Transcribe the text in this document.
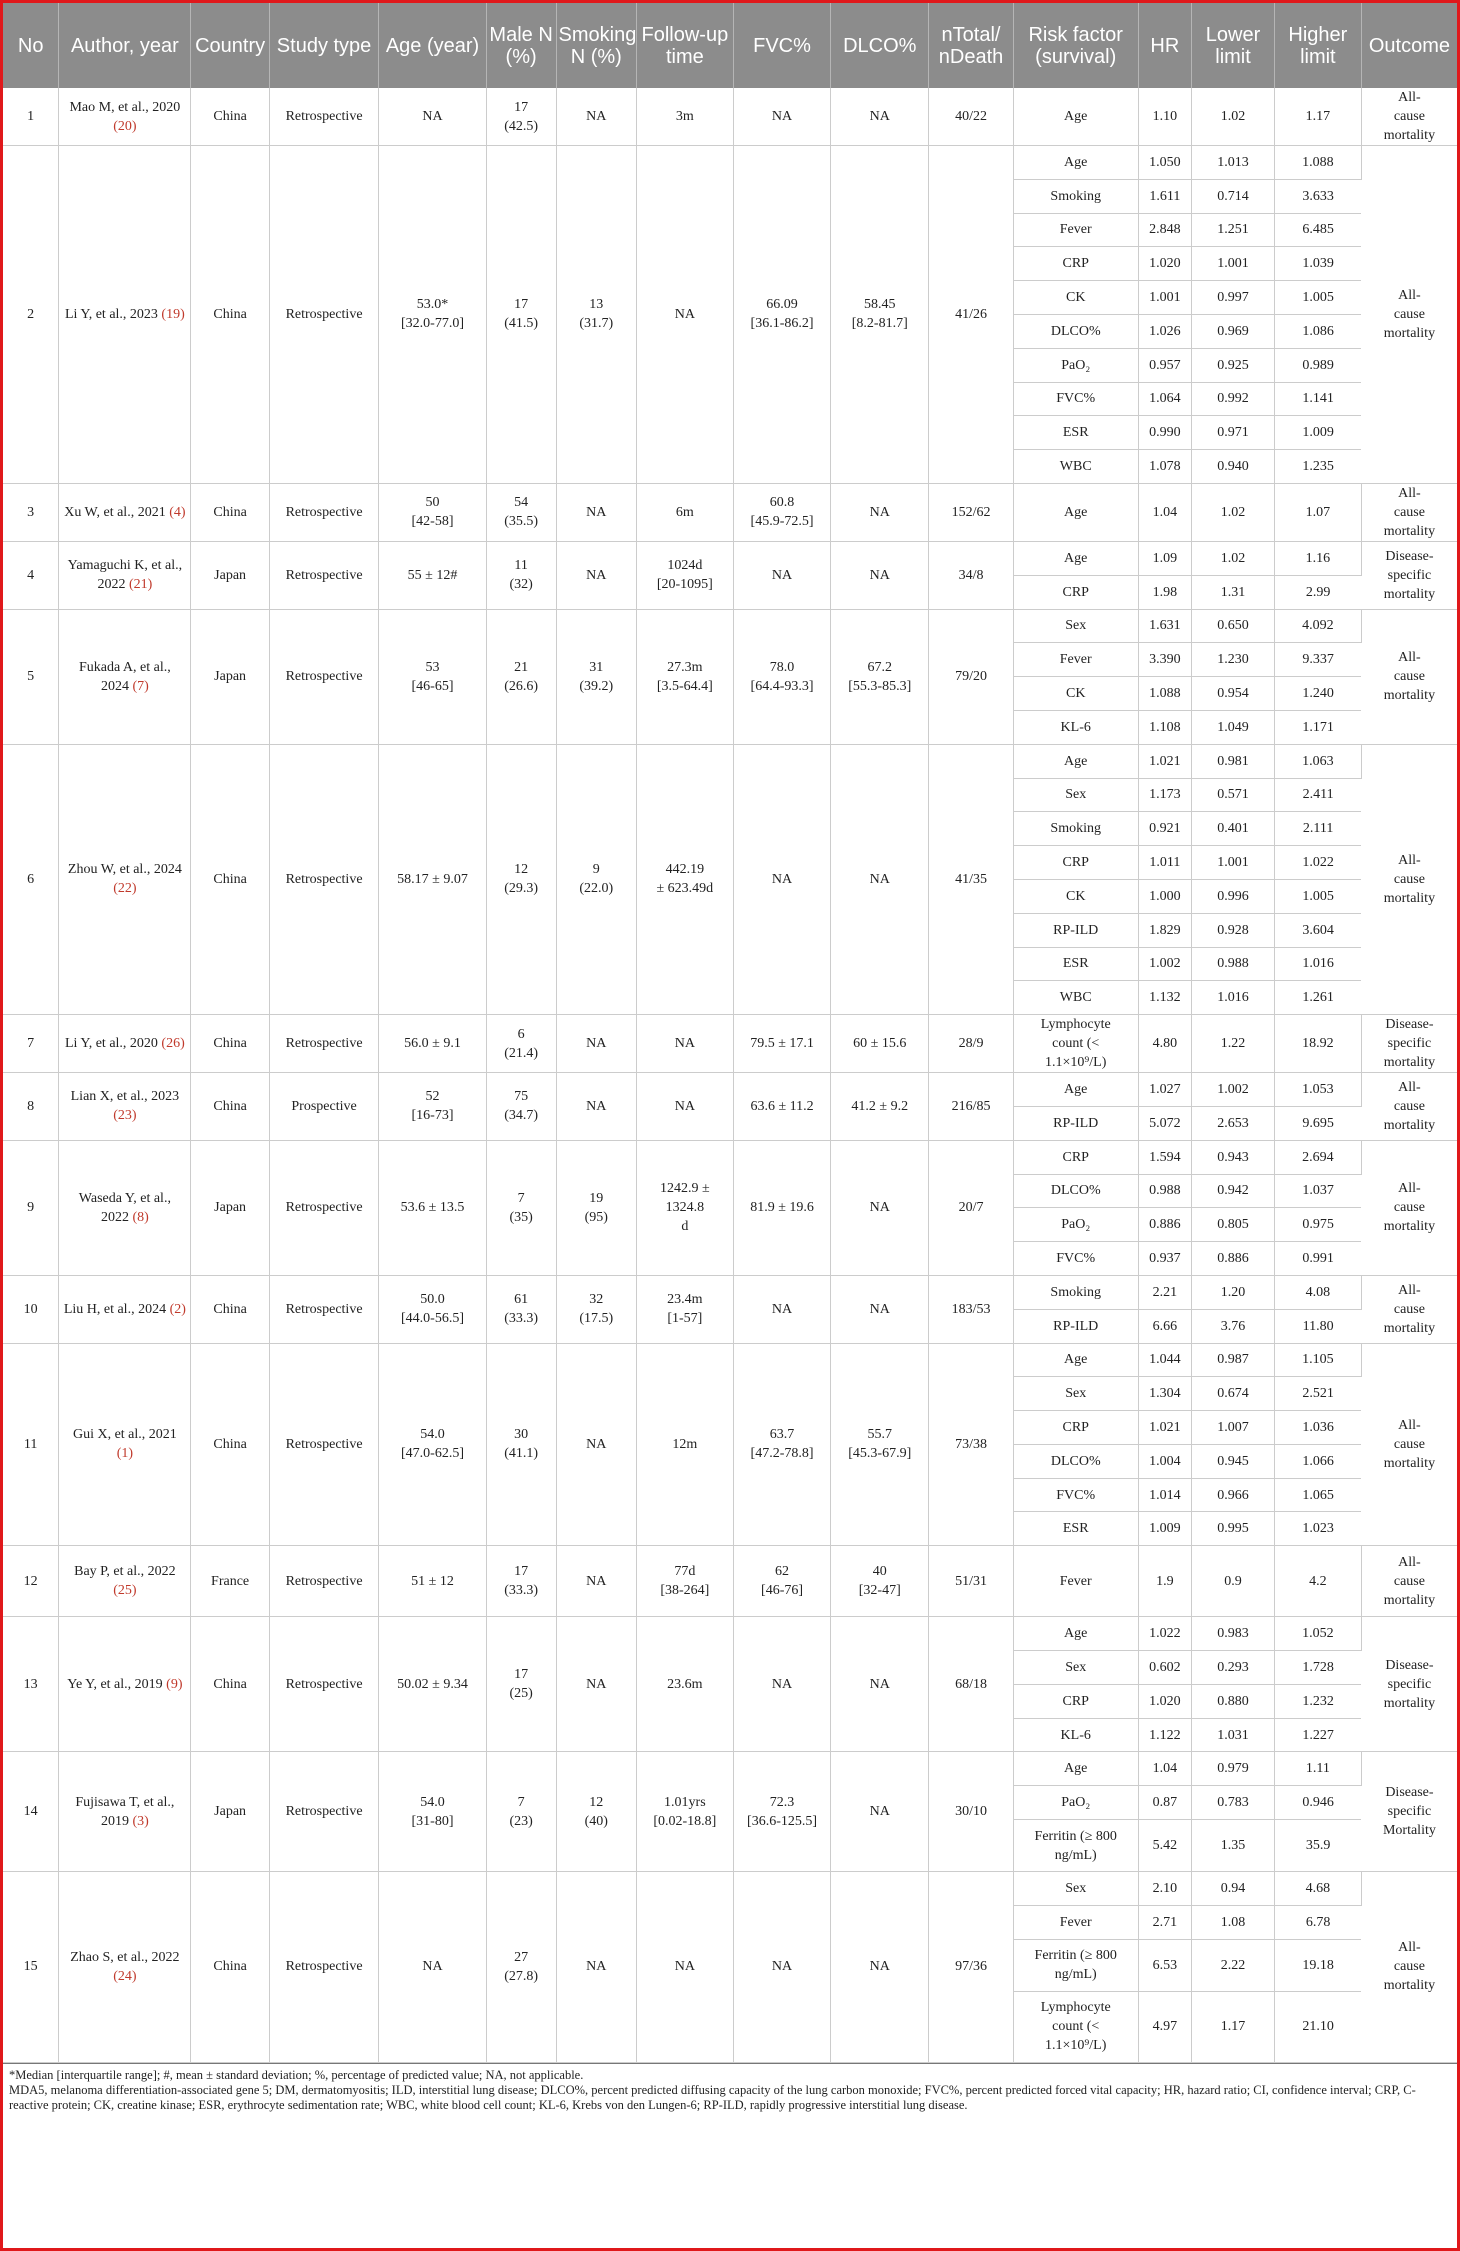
No	Author, year	Country	Study type	Age (year)	Male N (%)	Smoking N (%)	Follow-up time	FVC%	DLCO%	nTotal/ nDeath	Risk factor (survival)	HR	Lower limit	Higher limit	Outcome
1	Mao M, et al., 2020 (20)	China	Retrospective	NA	17
(42.5)	NA	3m	NA	NA	40/22	Age	1.10	1.02	1.17	All-
cause
mortality
2	Li Y, et al., 2023 (19)	China	Retrospective	53.0*
[32.0-77.0]	17
(41.5)	13
(31.7)	NA	66.09
[36.1-86.2]	58.45
[8.2-81.7]	41/26	Age	1.050	1.013	1.088	All-
cause
mortality
											Smoking	1.611	0.714	3.633	
											Fever	2.848	1.251	6.485	
											CRP	1.020	1.001	1.039	
											CK	1.001	0.997	1.005	
											DLCO%	1.026	0.969	1.086	
											PaO₂	0.957	0.925	0.989	
											FVC%	1.064	0.992	1.141	
											ESR	0.990	0.971	1.009	
											WBC	1.078	0.940	1.235	
3	Xu W, et al., 2021 (4)	China	Retrospective	50
[42-58]	54
(35.5)	NA	6m	60.8
[45.9-72.5]	NA	152/62	Age	1.04	1.02	1.07	All-
cause
mortality
4	Yamaguchi K, et al., 2022 (21)	Japan	Retrospective	55 ± 12#	11
(32)	NA	1024d
[20-1095]	NA	NA	34/8	Age	1.09	1.02	1.16	Disease-
specific
mortality
											CRP	1.98	1.31	2.99	
5	Fukada A, et al., 2024 (7)	Japan	Retrospective	53
[46-65]	21
(26.6)	31
(39.2)	27.3m
[3.5-64.4]	78.0
[64.4-93.3]	67.2
[55.3-85.3]	79/20	Sex	1.631	0.650	4.092	All-
cause
mortality
											Fever	3.390	1.230	9.337	
											CK	1.088	0.954	1.240	
											KL-6	1.108	1.049	1.171	
6	Zhou W, et al., 2024 (22)	China	Retrospective	58.17 ± 9.07	12
(29.3)	9
(22.0)	442.19
± 623.49d	NA	NA	41/35	Age	1.021	0.981	1.063	All-
cause
mortality
											Sex	1.173	0.571	2.411	
											Smoking	0.921	0.401	2.111	
											CRP	1.011	1.001	1.022	
											CK	1.000	0.996	1.005	
											RP-ILD	1.829	0.928	3.604	
											ESR	1.002	0.988	1.016	
											WBC	1.132	1.016	1.261	
7	Li Y, et al., 2020 (26)	China	Retrospective	56.0 ± 9.1	6
(21.4)	NA	NA	79.5 ± 17.1	60 ± 15.6	28/9	Lymphocyte
count (<
1.1×10⁹/L)	4.80	1.22	18.92	Disease-
specific
mortality
8	Lian X, et al., 2023 (23)	China	Prospective	52
[16-73]	75
(34.7)	NA	NA	63.6 ± 11.2	41.2 ± 9.2	216/85	Age	1.027	1.002	1.053	All-
cause
mortality
											RP-ILD	5.072	2.653	9.695	
9	Waseda Y, et al., 2022 (8)	Japan	Retrospective	53.6 ± 13.5	7
(35)	19
(95)	1242.9 ±
1324.8
d	81.9 ± 19.6	NA	20/7	CRP	1.594	0.943	2.694	All-
cause
mortality
											DLCO%	0.988	0.942	1.037	
											PaO₂	0.886	0.805	0.975	
											FVC%	0.937	0.886	0.991	
10	Liu H, et al., 2024 (2)	China	Retrospective	50.0
[44.0-56.5]	61
(33.3)	32
(17.5)	23.4m
[1-57]	NA	NA	183/53	Smoking	2.21	1.20	4.08	All-
cause
mortality
											RP-ILD	6.66	3.76	11.80	
11	Gui X, et al., 2021 (1)	China	Retrospective	54.0
[47.0-62.5]	30
(41.1)	NA	12m	63.7
[47.2-78.8]	55.7
[45.3-67.9]	73/38	Age	1.044	0.987	1.105	All-
cause
mortality
											Sex	1.304	0.674	2.521	
											CRP	1.021	1.007	1.036	
											DLCO%	1.004	0.945	1.066	
											FVC%	1.014	0.966	1.065	
											ESR	1.009	0.995	1.023	
12	Bay P, et al., 2022 (25)	France	Retrospective	51 ± 12	17
(33.3)	NA	77d
[38-264]	62
[46-76]	40
[32-47]	51/31	Fever	1.9	0.9	4.2	All-
cause
mortality
13	Ye Y, et al., 2019 (9)	China	Retrospective	50.02 ± 9.34	17
(25)	NA	23.6m	NA	NA	68/18	Age	1.022	0.983	1.052	Disease-
specific
mortality
											Sex	0.602	0.293	1.728	
											CRP	1.020	0.880	1.232	
											KL-6	1.122	1.031	1.227	
14	Fujisawa T, et al., 2019 (3)	Japan	Retrospective	54.0
[31-80]	7
(23)	12
(40)	1.01yrs
[0.02-18.8]	72.3
[36.6-125.5]	NA	30/10	Age	1.04	0.979	1.11	Disease-
specific
Mortality
											PaO₂	0.87	0.783	0.946	
											Ferritin (≥ 800
ng/mL)	5.42	1.35	35.9	
15	Zhao S, et al., 2022 (24)	China	Retrospective	NA	27
(27.8)	NA	NA	NA	NA	97/36	Sex	2.10	0.94	4.68	All-
cause
mortality
											Fever	2.71	1.08	6.78	
											Ferritin (≥ 800
ng/mL)	6.53	2.22	19.18	
											Lymphocyte
count (<
1.1×10⁹/L)	4.97	1.17	21.10	
*Median [interquartile range]; #, mean ± standard deviation; %, percentage of predicted value; NA, not applicable.
MDA5, melanoma differentiation-associated gene 5; DM, dermatomyositis; ILD, interstitial lung disease; DLCO%, percent predicted diffusing capacity of the lung carbon monoxide; FVC%, percent predicted forced vital capacity; HR, hazard ratio; CI, confidence interval; CRP, C-reactive protein; CK, creatine kinase; ESR, erythrocyte sedimentation rate; WBC, white blood cell count; KL-6, Krebs von den Lungen-6; RP-ILD, rapidly progressive interstitial lung disease.
